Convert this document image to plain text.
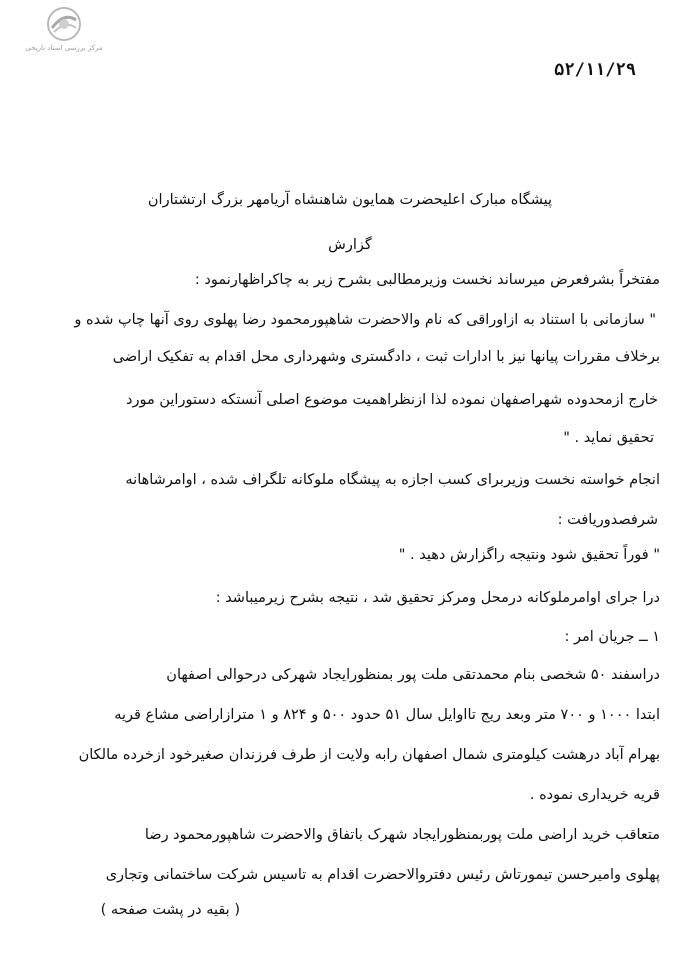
مرکز بررسی اسناد تاریخی
۵۲/۱۱/۲۹
پیشگاه مبارک اعلیحضرت همایون شاهنشاه آریامهر بزرگ ارتشتاران
گزارش
مفتخراً بشرفعرض میرساند نخست وزیرمطالبی بشرح زیر به چاکراظهارنمود :
" سازمانی با استناد به ازاوراقی که نام والاحضرت شاهپورمحمود رضا پهلوی روی آنها چاپ شده و
برخلاف مقررات پیانها نیز با ادارات ثبت ، دادگستری وشهرداری محل اقدام به تفکیک اراضی
خارج ازمحدوده شهراصفهان نموده لذا ازنظراهمیت موضوع اصلی آنستکه دستوراین مورد
تحقیق نماید . "
انجام خواسته نخست وزیربرای کسب اجازه به پیشگاه ملوکانه تلگراف شده ، اوامرشاهانه
شرفصدوریافت :
" فوراً تحقیق شود ونتیجه راگزارش دهید . "
درا جرای اوامرملوکانه درمحل ومرکز تحقیق شد ، نتیجه بشرح زیرمیباشد :
۱ ــ جریان امر :
دراسفند ۵۰ شخصی بنام محمدتقی ملت پور بمنظورایجاد شهرکی درحوالی اصفهان
ابتدا ۱۰۰۰ و ۷۰۰ متر وبعد ریج تااوایل سال ۵۱ حدود ۵۰۰ و ۸۲۴ و ۱ مترازاراضی مشاع قریه
بهرام آباد درهشت کیلومتری شمال اصفهان رابه ولایت از طرف فرزندان صغیرخود ازخرده مالکان
قریه خریداری نموده .
متعاقب خرید اراضی ملت پوربمنظورایجاد شهرک باتفاق والاحضرت شاهپورمحمود رضا
پهلوی وامیرحسن تیمورتاش رئیس دفتروالاحضرت اقدام به تاسیس شرکت ساختمانی وتجاری
( بقیه در پشت صفحه )
